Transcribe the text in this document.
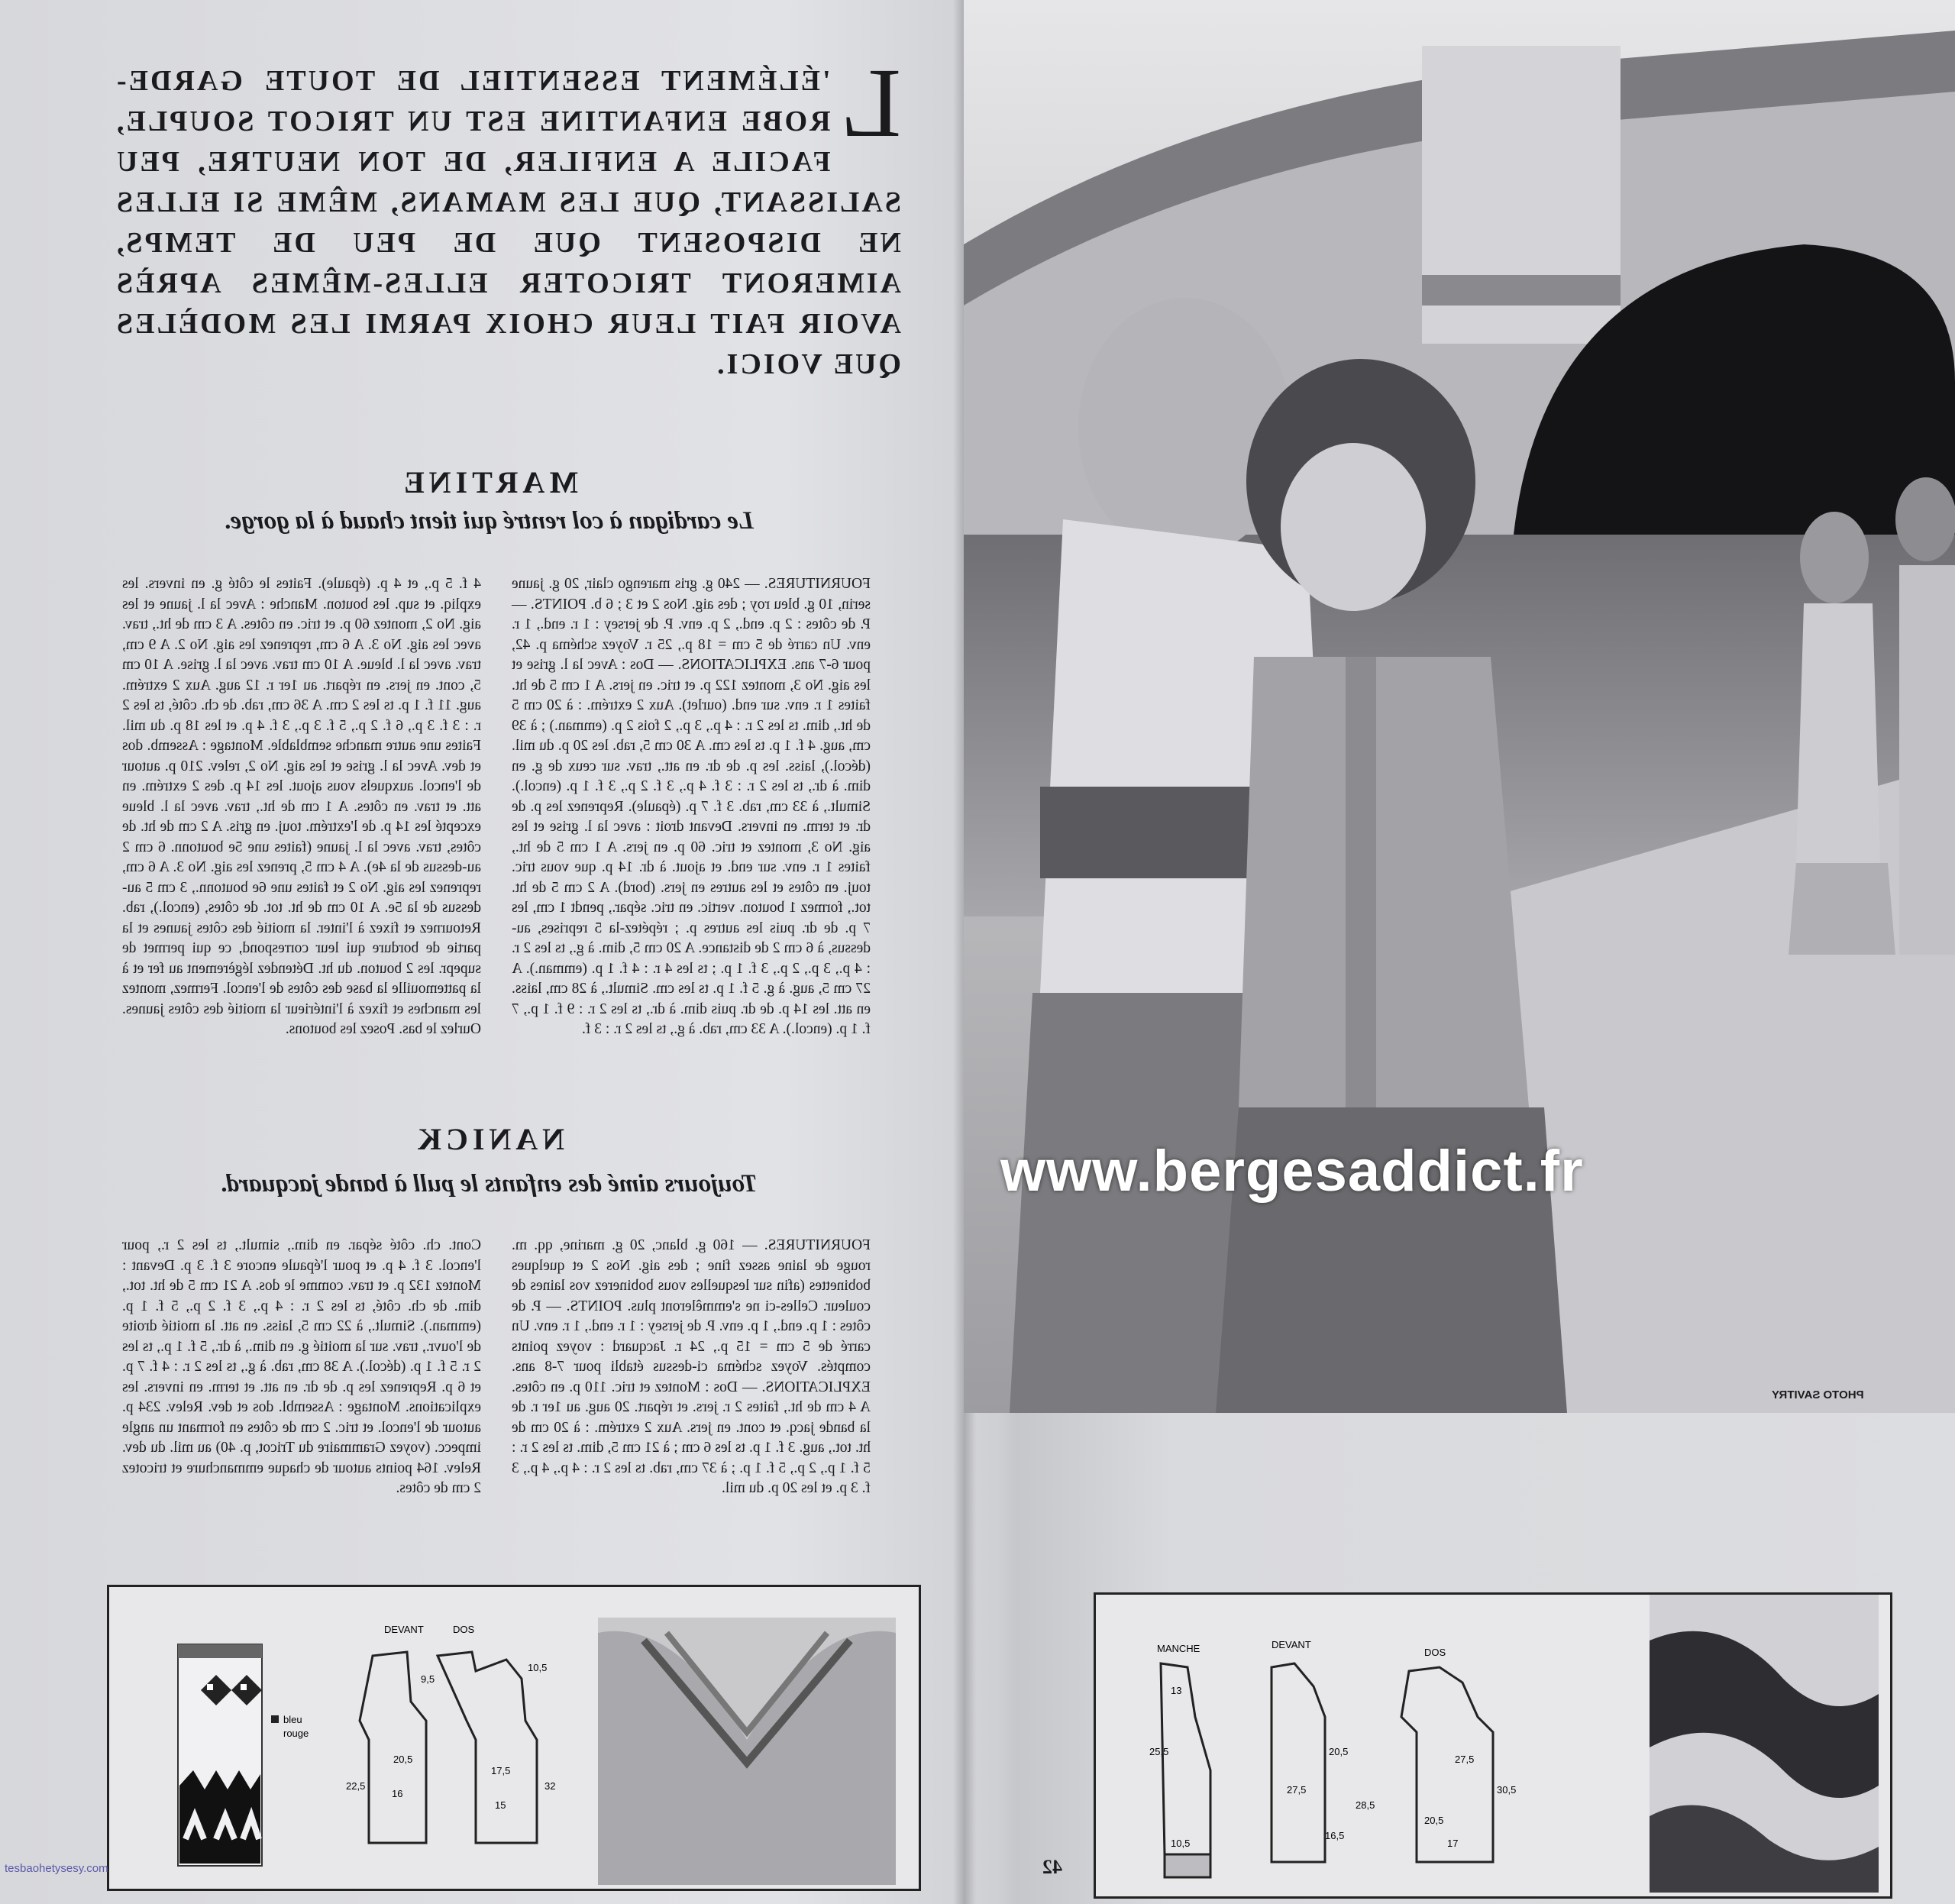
L
'ÉLÉMENT ESSENTIEL DE TOUTE GARDE-ROBE ENFANTINE EST UN TRICOT SOUPLE, FACILE A ENFILER, DE TON NEUTRE, PEU SALISSANT, QUE LES MAMANS, MÊME SI ELLES NE DISPOSENT QUE DE PEU DE TEMPS, AIMERONT TRICOTER ELLES-MÊMES APRÈS AVOIR FAIT LEUR CHOIX PARMI LES MODÈLES QUE VOICI.
MARTINE
Le cardigan à col rentré qui tient chaud à la gorge.
FOURNITURES. — 240 g. gris marengo clair, 20 g. jaune serin, 10 g. bleu roy ; des aig. Nos 2 et 3 ; 6 b. POINTS. — P. de côtes : 2 p. end., 2 p. env. P. de jersey : 1 r. end., 1 r. env. Un carré de 5 cm = 18 p., 25 r. Voyez schéma p. 42, pour 6-7 ans. EXPLICATIONS. — Dos : Avec la l. grise et les aig. No 3, montez 122 p. et tric. en jers. A 1 cm 5 de ht. faites 1 r. env. sur end. (ourlet). Aux 2 extrém. : à 20 cm 5 de ht., dim. ts les 2 r. : 4 p., 3 p., 2 fois 2 p. (emman.) ; à 39 cm, aug. 4 f. 1 p. ts les cm. A 30 cm 5, rab. les 20 p. du mil. (décol.), laiss. les p. de dr. en att., trav. sur ceux de g. en dim. à dr., ts les 2 r. : 3 f. 4 p., 3 f. 2 p., 3 f. 1 p. (encol.). Simult., à 33 cm, rab. 3 f. 7 p. (épaule). Reprenez les p. de dr. et term. en invers. Devant droit : avec la l. grise et les aig. No 3, montez et tric. 60 p. en jers. A 1 cm 5 de ht., faites 1 r. env. sur end. et ajout. à dr. 14 p. que vous tric. touj. en côtes et les autres en jers. (bord). A 2 cm 5 de ht. tot., formez 1 bouton. vertic. en tric. sépar., pendt 1 cm, les 7 p. de dr. puis les autres p. ; répétez-la 5 reprises, au-dessus, à 6 cm 2 de distance. A 20 cm 5, dim. à g., ts les 2 r. : 4 p., 3 p., 2 p., 3 f. 1 p. ; ts les 4 r. : 4 f. 1 p. (emman.). A 27 cm 5, aug. à g. 5 f. 1 p. ts les cm. Simult., à 28 cm, laiss. en att. les 14 p. de dr. puis dim. à dr., ts les 2 r. : 9 f. 1 p., 7 f. 1 p. (encol.). A 33 cm, rab. à g., ts les 2 r. : 3 f.
4 f. 5 p., et 4 p. (épaule). Faites le côté g. en invers. les expliq. et sup. les bouton. Manche : Avec la l. jaune et les aig. No 2, montez 60 p. et tric. en côtes. A 3 cm de ht., trav. avec les aig. No 3. A 6 cm, reprenez les aig. No 2. A 9 cm, trav. avec la l. bleue. A 10 cm trav. avec la l. grise. A 10 cm 5, cont. en jers. en répart. au 1er r. 12 aug. Aux 2 extrém. aug. 11 f. 1 p. ts les 2 cm. A 36 cm, rab. de ch. côté, ts les 2 r. : 3 f. 3 p., 6 f. 2 p., 5 f. 3 p., 3 f. 4 p. et les 18 p. du mil. Faites une autre manche semblable. Montage : Assemb. dos et dev. Avec la l. grise et les aig. No 2, relev. 210 p. autour de l'encol. auxquels vous ajout. les 14 p. des 2 extrém. en att. et trav. en côtes. A 1 cm de ht., trav. avec la l. bleue excepté les 14 p. de l'extrém. touj. en gris. A 2 cm de ht. de côtes, trav. avec la l. jaune (faites une 5e boutonn. 6 cm 2 au-dessus de la 4e). A 4 cm 5, prenez les aig. No 3. A 6 cm, reprenez les aig. No 2 et faites une 6e boutonn., 3 cm 5 au-dessus de la 5e. A 10 cm de ht. tot. de côtes, (encol.), rab. Retournez et fixez à l'inter. la moitié des côtes jaunes et la partie de bordure qui leur correspond, ce qui permet de supepr. les 2 bouton. du ht. Détendez légèrement au fer et à la pattemouille la base des côtes de l'encol. Fermez, montez les manches et fixez à l'intérieur la moitié des côtes jaunes. Ourlez le bas. Posez les boutons.
NANICK
Toujours aimé des enfants le pull à bande jacquard.
FOURNITURES. — 160 g. blanc, 20 g. marine, qq. m. rouge de laine assez fine ; des aig. Nos 2 et quelques bobinettes (afin sur lesquelles vous bobinerez vos laines de couleur. Celles-ci ne s'emmêleront plus. POINTS. — P. de côtes : 1 p. end., 1 p. env. P. de jersey : 1 r. end., 1 r. env. Un carré de 5 cm = 15 p., 24 r. Jacquard : voyez points comptés. Voyez schéma ci-dessus établi pour 7-8 ans. EXPLICATIONS. — Dos : Montez et tric. 110 p. en côtes. A 4 cm de ht., faites 2 r. jers. et répart. 20 aug. au 1er r. de la bande jacq. et cont. en jers. Aux 2 extrém. : à 20 cm de ht. tot., aug. 3 f. 1 p. ts les 6 cm ; à 21 cm 5, dim. ts les 2 r. : 5 f. 1 p., 2 p., 5 f. 1 p. ; à 37 cm, rab. ts les 2 r. : 4 p., 4 p., 3 f. 3 p. et les 20 p. du mil.
Cont. ch. côté sépar. en dim., simult., ts les 2 r., pour l'encol. 3 f. 4 p. et pour l'épaule encore 3 f. 3 p. Devant : Montez 132 p. et trav. comme le dos. A 21 cm 5 de ht. tot., dim. de ch. côté, ts les 2 r. : 4 p., 3 f. 2 p., 5 f. 1 p. (emman.). Simult., à 22 cm 5, laiss. en att. la moitié droite de l'ouvr., trav. sur la moitié g. en dim., à dr., 5 f. 1 p., ts les 2 r. 5 f. 1 p. (décol.). A 38 cm, rab. à g., ts les 2 r. : 4 f. 7 p. et 6 p. Reprenez les p. de dr. en att. et term. en invers. les explications. Montage : Assembl. dos et dev. Relev. 234 p. autour de l'encol. et tric. 2 cm de côtes en formant un angle impecc. (voyez Grammaire du Tricot, p. 40) au mil. du dev. Relev. 164 points autour de chaque emmanchure et tricotez 2 cm de côtes.
bleu
rouge
DEVANT	DOS
9,5
10,5
20,5
17,5
16
15
22,5	32
www.bergesaddict.fr
PHOTO SAVITRY
MANCHE	DEVANT
DOS
13
25,5
10,5
20,5
27,5
16,5
28,5
20,5
27,5
17
30,5
42
tesbaohetysesy.com
